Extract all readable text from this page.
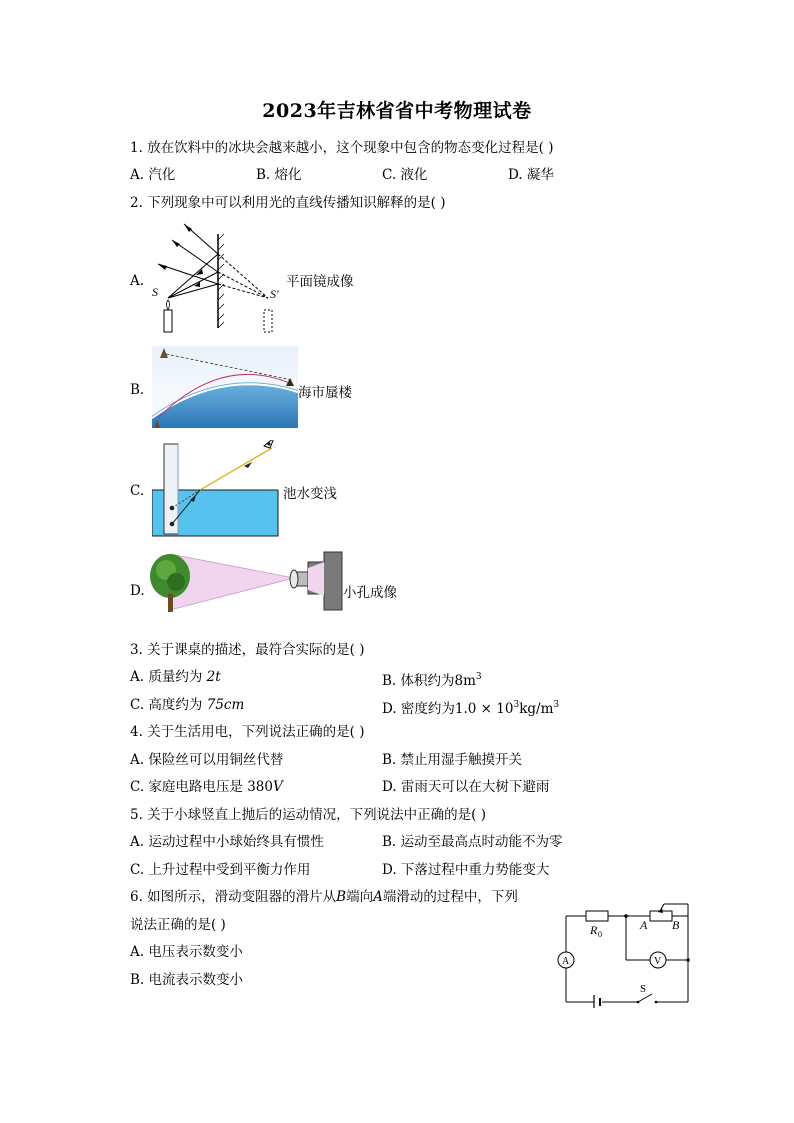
2023年吉林省省中考物理试卷
1. 放在饮料中的冰块会越来越小，这个现象中包含的物态变化过程是( )
A. 汽化	B. 熔化	C. 液化	D. 凝华
2. 下列现象中可以利用光的直线传播知识解释的是( )
A.
S	S'
平面镜成像
B.	海市蜃楼
C.	池水变浅
D.	小孔成像
3. 关于课桌的描述，最符合实际的是( )
A. 质量约为 2t	B. 体积约为$8m^3$
C. 高度约为 75cm	D. 密度约为$1.0 \times 10^3kg/m^3$
4. 关于生活用电，下列说法正确的是( )
A. 保险丝可以用铜丝代替	B. 禁止用湿手触摸开关
C. 家庭电路电压是 380V	D. 雷雨天可以在大树下避雨
5. 关于小球竖直上抛后的运动情况，下列说法中正确的是( )
A. 运动过程中小球始终具有惯性	B. 运动至最高点时动能不为零
C. 上升过程中受到平衡力作用	D. 下落过程中重力势能变大
6. 如图所示，滑动变阻器的滑片从B端向A端滑动的过程中，下列
说法正确的是( )
A. 电压表示数变小
B. 电流表示数变小
R 0
A B
A	V
S
